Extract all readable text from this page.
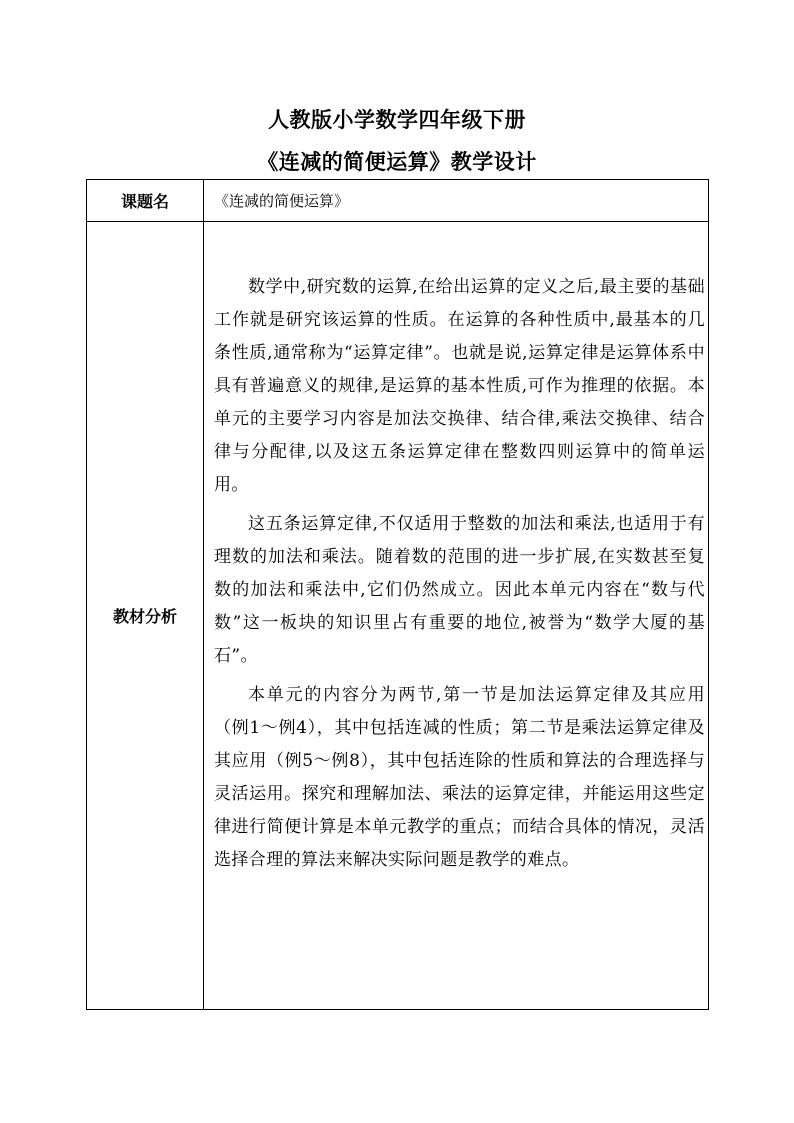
人教版小学数学四年级下册
《连减的简便运算》教学设计
课题名	《连减的简便运算》
教材分析	数学中,研究数的运算,在给出运算的定义之后,最主要的基础工作就是研究该运算的性质。在运算的各种性质中,最基本的几条性质,通常称为“运算定律”。也就是说,运算定律是运算体系中具有普遍意义的规律,是运算的基本性质,可作为推理的依据。本单元的主要学习内容是加法交换律、结合律,乘法交换律、结合律与分配律,以及这五条运算定律在整数四则运算中的简单运用。

这五条运算定律,不仅适用于整数的加法和乘法,也适用于有理数的加法和乘法。随着数的范围的进一步扩展,在实数甚至复数的加法和乘法中,它们仍然成立。因此本单元内容在“数与代数”这一板块的知识里占有重要的地位,被誉为“数学大厦的基石”。

本单元的内容分为两节,第一节是加法运算定律及其应用（例1～例4），其中包括连减的性质；第二节是乘法运算定律及其应用（例5～例8），其中包括连除的性质和算法的合理选择与灵活运用。探究和理解加法、乘法的运算定律，并能运用这些定律进行简便计算是本单元教学的重点；而结合具体的情况，灵活选择合理的算法来解决实际问题是教学的难点。
